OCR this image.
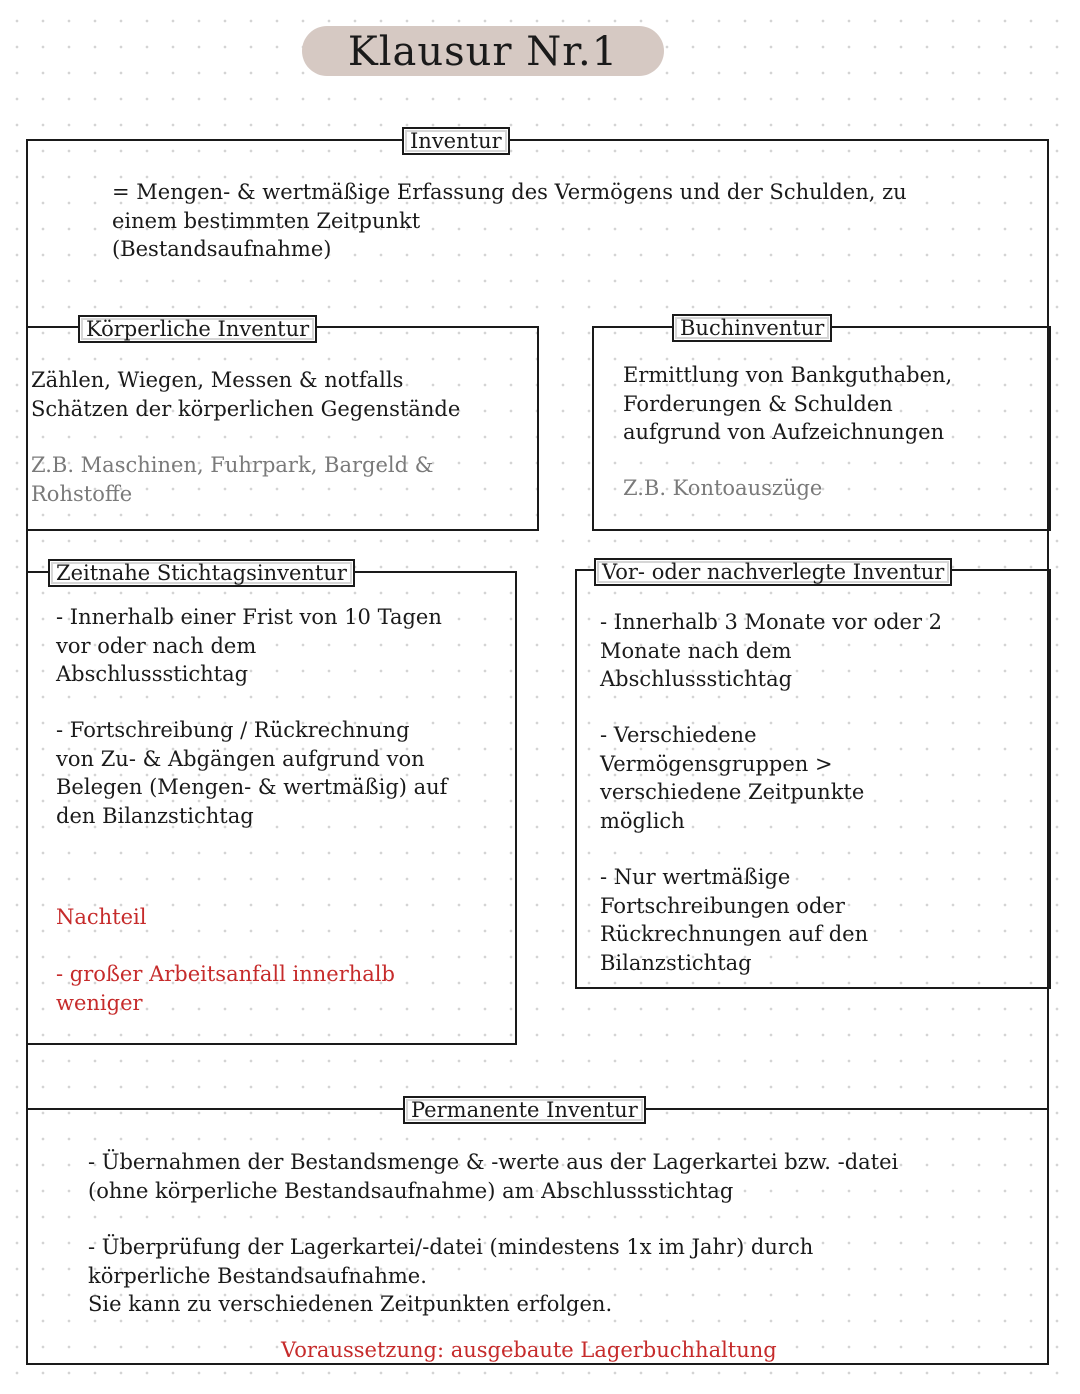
Klausur Nr.1
Inventur
= Mengen- & wertmäßige Erfassung des Vermögens und der Schulden, zu
einem bestimmten Zeitpunkt
(Bestandsaufnahme)
Körperliche Inventur
Zählen, Wiegen, Messen & notfalls
Schätzen der körperlichen Gegenstände
Z.B. Maschinen, Fuhrpark, Bargeld &
Rohstoffe
Buchinventur
Ermittlung von Bankguthaben,
Forderungen & Schulden
aufgrund von Aufzeichnungen
Z.B. Kontoauszüge
Zeitnahe Stichtagsinventur
- Innerhalb einer Frist von 10 Tagen
vor oder nach dem
Abschlussstichtag
- Fortschreibung / Rückrechnung
von Zu- & Abgängen aufgrund von
Belegen (Mengen- & wertmäßig) auf
den Bilanzstichtag
Nachteil
- großer Arbeitsanfall innerhalb
weniger
Vor- oder nachverlegte Inventur
- Innerhalb 3 Monate vor oder 2
Monate nach dem
Abschlussstichtag
- Verschiedene
Vermögensgruppen >
verschiedene Zeitpunkte
möglich
- Nur wertmäßige
Fortschreibungen oder
Rückrechnungen auf den
Bilanzstichtag
Permanente Inventur
- Übernahmen der Bestandsmenge & -werte aus der Lagerkartei bzw. -datei
(ohne körperliche Bestandsaufnahme) am Abschlussstichtag
- Überprüfung der Lagerkartei/-datei (mindestens 1x im Jahr) durch
körperliche Bestandsaufnahme.
Sie kann zu verschiedenen Zeitpunkten erfolgen.
Voraussetzung: ausgebaute Lagerbuchhaltung
